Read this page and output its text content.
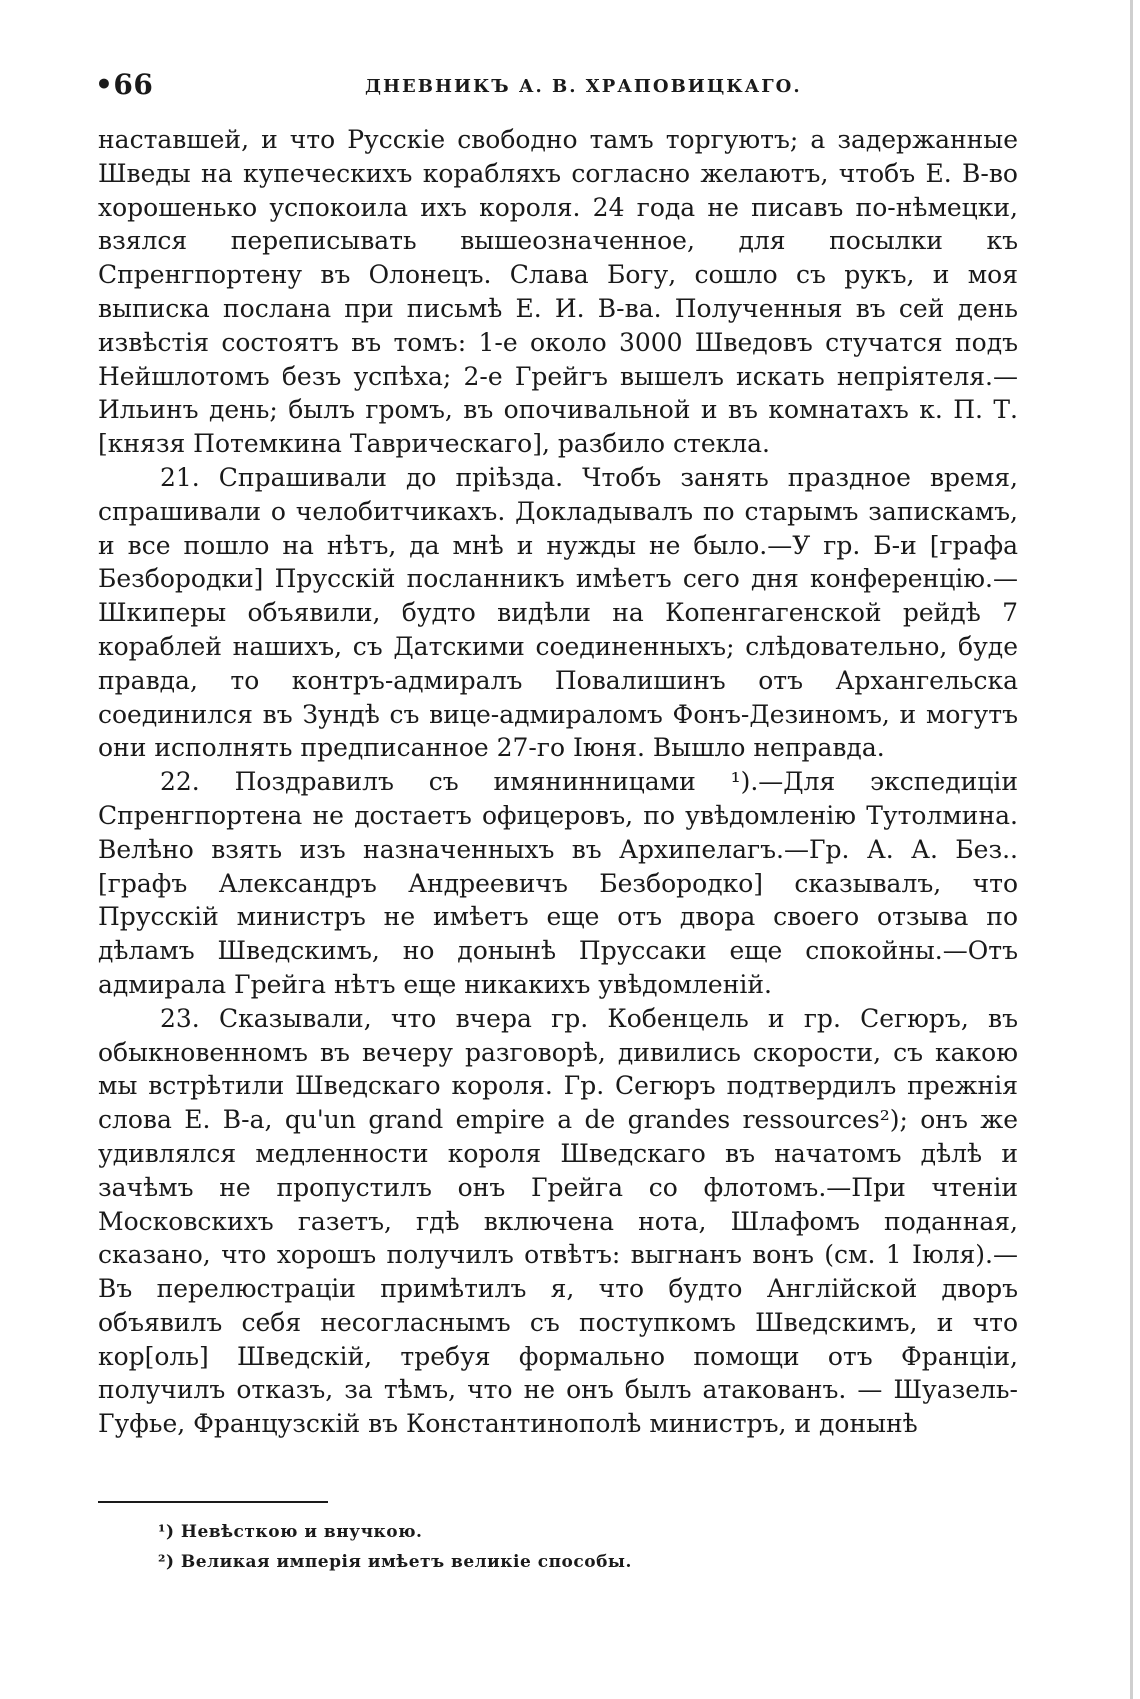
•66	ДНЕВНИКЪ А. В. ХРАПОВИЦКАГО.

наставшей, и что Русскіе свободно тамъ торгуютъ; а задержанные Шведы на купеческихъ корабляхъ согласно желаютъ, чтобъ Е. В-во хорошенько успокоила ихъ короля. 24 года не писавъ по-нѣмецки, взялся переписывать вышеозначенное, для посылки къ Спренгпортену въ Олонецъ. Слава Богу, сошло съ рукъ, и моя выписка послана при письмѣ Е. И. В-ва. Полученныя въ сей день извѣстія состоятъ въ томъ: 1-е около 3000 Шведовъ стучатся подъ Нейшлотомъ безъ успѣха; 2-е Грейгъ вышелъ искать непріятеля.—Ильинъ день; былъ громъ, въ опочивальной и въ комнатахъ к. П. Т. [князя Потемкина Таврическаго], разбило стекла.

21. Спрашивали до пріѣзда. Чтобъ занять праздное время, спрашивали о челобитчикахъ. Докладывалъ по старымъ запискамъ, и все пошло на нѣтъ, да мнѣ и нужды не было.—У гр. Б-и [графа Безбородки] Прусскій посланникъ имѣетъ сего дня конференцію.—Шкиперы объявили, будто видѣли на Копенгагенской рейдѣ 7 кораблей нашихъ, съ Датскими соединенныхъ; слѣдовательно, буде правда, то контръ-адмиралъ Повалишинъ отъ Архангельска соединился въ Зундѣ съ вице-адмираломъ Фонъ-Дезиномъ, и могутъ они исполнять предписанное 27-го Іюня. Вышло неправда.

22. Поздравилъ съ имянинницами ¹).—Для экспедиціи Спренгпортена не достаетъ офицеровъ, по увѣдомленію Тутолмина. Велѣно взять изъ назначенныхъ въ Архипелагъ.—Гр. А. А. Без.. [графъ Александръ Андреевичъ Безбородко] сказывалъ, что Прусскій министръ не имѣетъ еще отъ двора своего отзыва по дѣламъ Шведскимъ, но донынѣ Пруссаки еще спокойны.—Отъ адмирала Грейга нѣтъ еще никакихъ увѣдомленій.

23. Сказывали, что вчера гр. Кобенцель и гр. Сегюръ, въ обыкновенномъ въ вечеру разговорѣ, дивились скорости, съ какою мы встрѣтили Шведскаго короля. Гр. Сегюръ подтвердилъ прежнія слова Е. В-а, qu'un grand empire a de grandes ressources²); онъ же удивлялся медленности короля Шведскаго въ начатомъ дѣлѣ и зачѣмъ не пропустилъ онъ Грейга со флотомъ.—При чтеніи Московскихъ газетъ, гдѣ включена нота, Шлафомъ поданная, сказано, что хорошъ получилъ отвѣтъ: выгнанъ вонъ (см. 1 Іюля).—Въ перелюстраціи примѣтилъ я, что будто Англійской дворъ объявилъ себя несогласнымъ съ поступкомъ Шведскимъ, и что кор[оль] Шведскій, требуя формально помощи отъ Франціи, получилъ отказъ, за тѣмъ, что не онъ былъ атакованъ. — Шуазель-Гуфье, Французскій въ Константинополѣ министръ, и донынѣ

¹) Невѣсткою и внучкою.

²) Великая имперія имѣетъ великіе способы.
